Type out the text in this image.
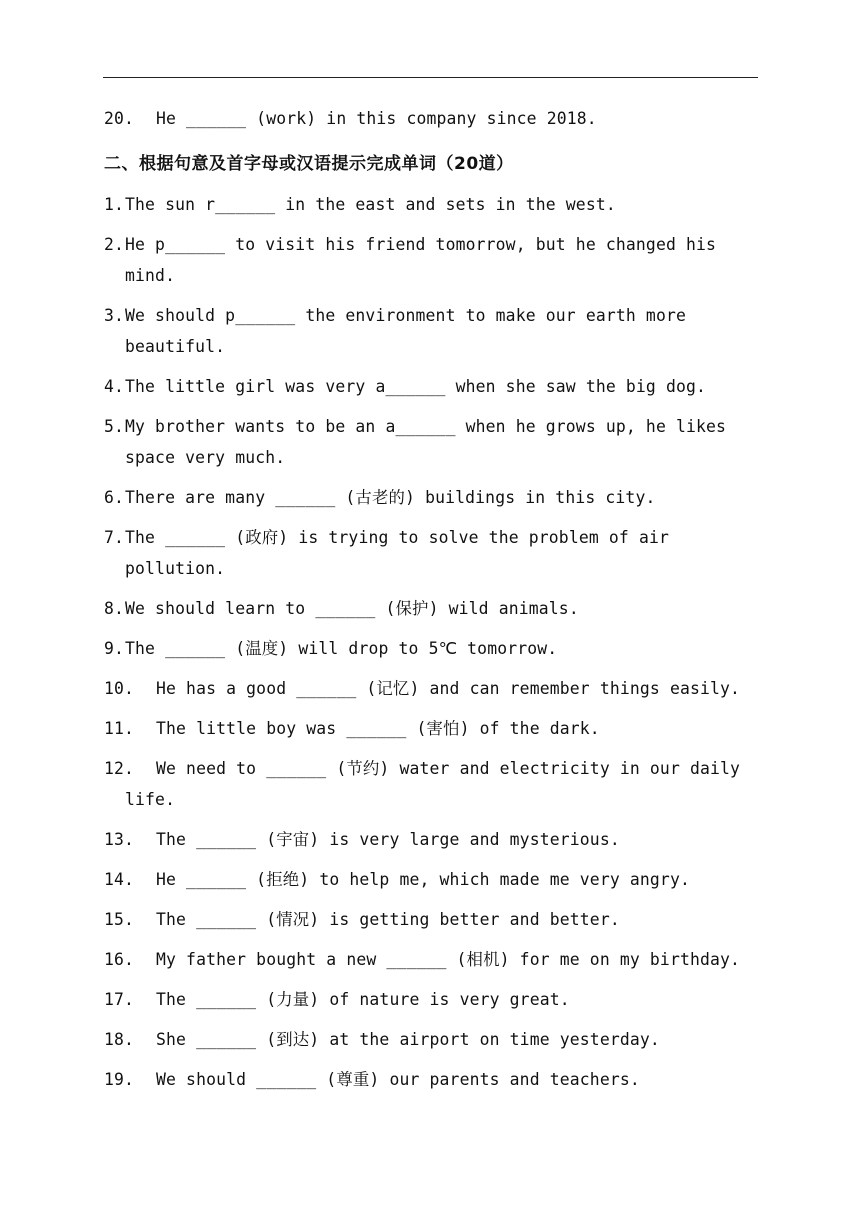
20. He ______ (work) in this company since 2018.
二、根据句意及首字母或汉语提示完成单词（20道）
1. The sun r______ in the east and sets in the west.
2. He p______ to visit his friend tomorrow, but he changed his
mind.
3. We should p______ the environment to make our earth more
beautiful.
4. The little girl was very a______ when she saw the big dog.
5. My brother wants to be an a______ when he grows up, he likes
space very much.
6. There are many ______ (古老的) buildings in this city.
7. The ______ (政府) is trying to solve the problem of air
pollution.
8. We should learn to ______ (保护) wild animals.
9. The ______ (温度) will drop to 5℃ tomorrow.
10. He has a good ______ (记忆) and can remember things easily.
11. The little boy was ______ (害怕) of the dark.
12. We need to ______ (节约) water and electricity in our daily
life.
13. The ______ (宇宙) is very large and mysterious.
14. He ______ (拒绝) to help me, which made me very angry.
15. The ______ (情况) is getting better and better.
16. My father bought a new ______ (相机) for me on my birthday.
17. The ______ (力量) of nature is very great.
18. She ______ (到达) at the airport on time yesterday.
19. We should ______ (尊重) our parents and teachers.
